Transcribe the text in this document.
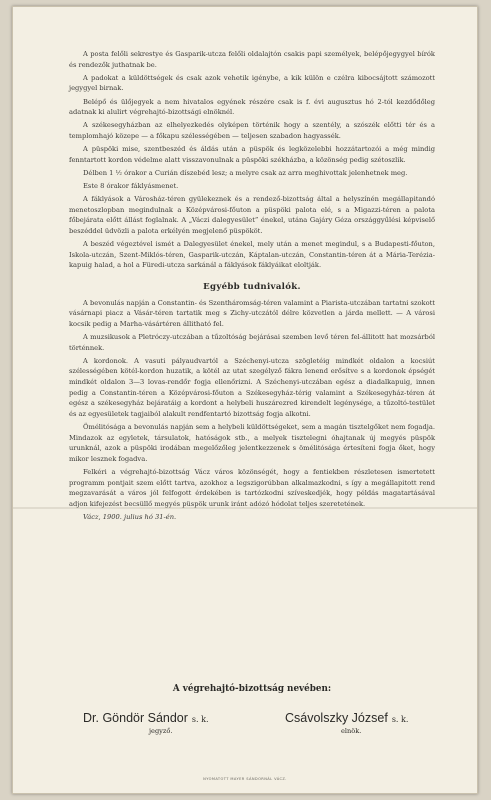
A posta felőli sekrestye és Gasparik-utcza felőli oldalajtón csakis papi személyek, belépőjegygyel bírók és rendezők juthatnak be.

A padokat a küldöttségek és csak azok vehetik igénybe, a kik külön e czélra kibocsájtott számozott jegygyel birnak.

Belépő és ülőjegyek a nem hivatalos egyének részére csak is f. évi augusztus hó 2-tól kezdődőleg adatnak ki alulirt végrehajtó-bizottsági elnöknél.

A székesegyházban az elhelyezkedés olyképen történik hogy a szentély, a szószék előtti tér és a templomhajó közepe — a főkapu szélességében — teljesen szabadon hagyassék.

A püspöki mise, szentbeszéd és áldás után a püspök és legközelebbi hozzátartozói a még mindig fenntartott kordon védelme alatt visszavonulnak a püspöki székházba, a közönség pedig szétoszlik.

Délben 1 ½ órakor a Curián díszebéd lesz; a melyre csak az arra meghivottak jelenhetnek meg.

Este 8 órakor fáklyásmenet.

A fáklyások a Városház-téren gyülekeznek és a rendező-bizottság által a helyszínén megállapitandó menetoszlopban megindulnak a Középvárosi-főuton a püspöki palota elé, s a Migazzi-téren a palota főbejárata előtt állást foglalnak. A „Váczi dalegyesület” énekel, utána Gajáry Géza országgyűlési képviselő beszéddel üdvözli a palota erkélyén megjelenő püspököt.

A beszéd végeztével ismét a Dalegyesület énekel, mely után a menet megindul, s a Budapesti-főuton, Iskola-utczán, Szent-Miklós-téren, Gasparik-utczán, Káptalan-utczán, Constantin-téren át a Mária-Terézia-kapuig halad, a hol a Füredi-utcza sarkánál a fáklyások fáklyáikat eloltják.

Egyébb tudnivalók.

A bevonulás napján a Constantin- és Szentháromság-téren valamint a Piarista-utczában tartatni szokott vásárnapi piacz a Vásár-téren tartatik meg s Zichy-utczától délre közvetlen a járda mellett. — A városi kocsik pedig a Marha-vásártéren állitható fel.

A muzsikusok a Pletróczy-utczában a tűzoltóság bejárásai szemben levő téren fel-állitott hat mozsárból történnek.

A kordonok. A vasuti pályaudvartól a Széchenyi-utcza szögletéig mindkét oldalon a kocsiút szélességében kötél-kordon huzatik, a kötél az utat szegélyző fákra lenend erősítve s a kordonok épségét mindkét oldalon 3—3 lovas-rendőr fogja ellenőrizni. A Széchenyi-utczában egész a diadalkapuig, innen pedig a Constantin-téren a Középvárosi-főuton a Székesegyház-térig valamint a Székesegyház-téren át egész a székesegyház bejáratáig a kordont a helybeli huszárezred kirendelt legénysége, a tűzoltó-testület és az egyesületek tagjaiból alakult rendfentartó bizottság fogja alkotni.

Ömélitósága a bevonulás napján sem a helybeli küldöttségeket, sem a magán tisztelgőket nem fogadja. Mindazok az egyletek, társulatok, hatóságok stb., a melyek tisztelegni óhajtanak új megyés püspök urunknál, azok a püspöki irodában megelőzőleg jelentkezzenek s ömélitósága értesíteni fogja őket, hogy mikor lesznek fogadva.

Felkéri a végrehajtó-bizottság Vácz város közönségét, hogy a fentiekben részletesen ismertetett programm pontjait szem előtt tartva, azokhoz a legszigorúbban alkalmazkodni, s így a megállapitott rend megzavarását a város jól felfogott érdekében is tartózkodni szíveskedjék, hogy példás magatartásával adjon kifejezést becsüllő megyés püspök urunk iránt adózó hódolat teljes szeretetének.

Vácz, 1900. julius hó 31-én.

A végrehajtó-bizottság nevében:
Dr. Göndör Sándor s. k.
jegyző.
Csávolszky József s. k.
elnök.
NYOMATOTT MAYER SÁNDORNÁL VÁCZ.
